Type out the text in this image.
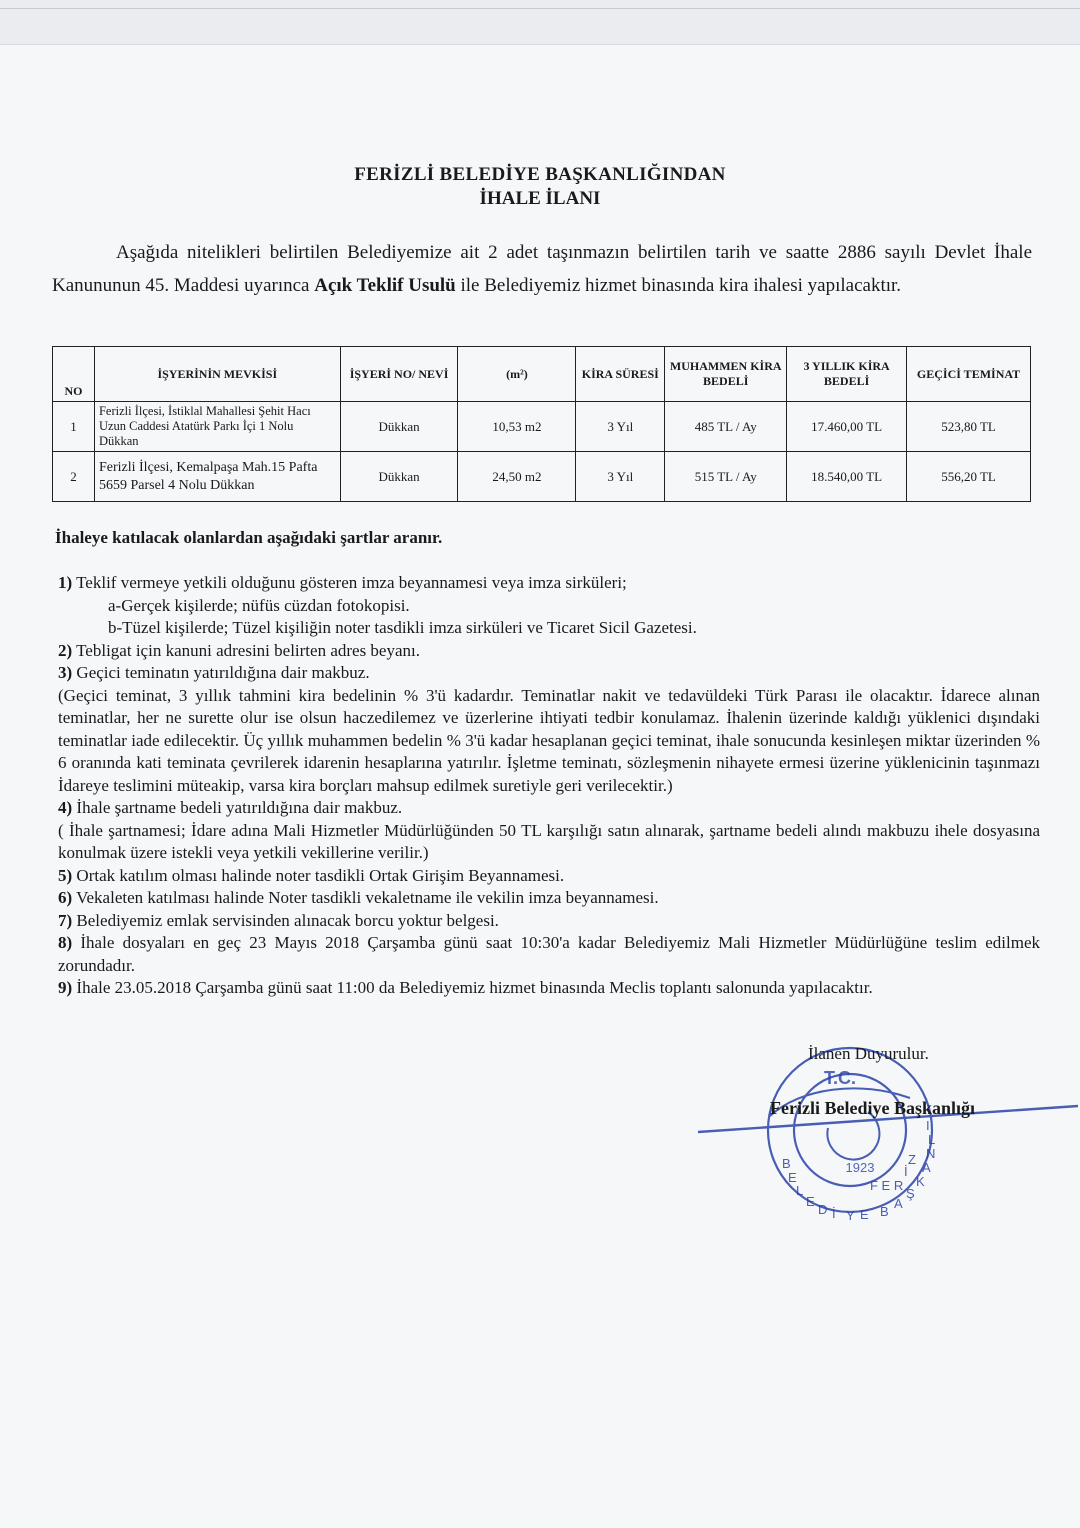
FERİZLİ BELEDİYE BAŞKANLIĞINDAN
İHALE İLANI
Aşağıda nitelikleri belirtilen Belediyemize ait 2 adet taşınmazın belirtilen tarih ve saatte 2886 sayılı Devlet İhale Kanununun 45. Maddesi uyarınca Açık Teklif Usulü ile Belediyemiz hizmet binasında kira ihalesi yapılacaktır.
NO	İŞYERİNİN MEVKİSİ	İŞYERİ NO/ NEVİ	(m²)	KİRA SÜRESİ	MUHAMMEN KİRA BEDELİ	3 YILLIK KİRA BEDELİ	GEÇİCİ TEMİNAT
1	Ferizli İlçesi, İstiklal Mahallesi Şehit Hacı Uzun Caddesi Atatürk Parkı İçi 1 Nolu Dükkan	Dükkan	10,53 m2	3 Yıl	485 TL / Ay	17.460,00 TL	523,80 TL
2	Ferizli İlçesi, Kemalpaşa Mah.15 Pafta 5659 Parsel 4 Nolu Dükkan	Dükkan	24,50 m2	3 Yıl	515 TL / Ay	18.540,00 TL	556,20 TL
İhaleye katılacak olanlardan aşağıdaki şartlar aranır.

1) Teklif vermeye yetkili olduğunu gösteren imza beyannamesi veya imza sirküleri;

a-Gerçek kişilerde; nüfüs cüzdan fotokopisi.

b-Tüzel kişilerde; Tüzel kişiliğin noter tasdikli imza sirküleri ve Ticaret Sicil Gazetesi.

2) Tebligat için kanuni adresini belirten adres beyanı.

3) Geçici teminatın yatırıldığına dair makbuz.

(Geçici teminat, 3 yıllık tahmini kira bedelinin % 3'ü kadardır. Teminatlar nakit ve tedavüldeki Türk Parası ile olacaktır. İdarece alınan teminatlar, her ne surette olur ise olsun haczedilemez ve üzerlerine ihtiyati tedbir konulamaz. İhalenin üzerinde kaldığı yüklenici dışındaki teminatlar iade edilecektir. Üç yıllık muhammen bedelin % 3'ü kadar hesaplanan geçici teminat, ihale sonucunda kesinleşen miktar üzerinden % 6 oranında kati teminata çevrilerek idarenin hesaplarına yatırılır. İşletme teminatı, sözleşmenin nihayete ermesi üzerine yüklenicinin taşınmazı İdareye teslimini müteakip, varsa kira borçları mahsup edilmek suretiyle geri verilecektir.)

4) İhale şartname bedeli yatırıldığına dair makbuz.

( İhale şartnamesi; İdare adına Mali Hizmetler Müdürlüğünden 50 TL karşılığı satın alınarak, şartname bedeli alındı makbuzu ihele dosyasına konulmak üzere istekli veya yetkili vekillerine verilir.)

5) Ortak katılım olması halinde noter tasdikli Ortak Girişim Beyannamesi.

6) Vekaleten katılması halinde Noter tasdikli vekaletname ile vekilin imza beyannamesi.

7) Belediyemiz emlak servisinden alınacak borcu yoktur belgesi.

8) İhale dosyaları en geç 23 Mayıs 2018 Çarşamba günü saat 10:30'a kadar Belediyemiz Mali Hizmetler Müdürlüğüne teslim edilmek zorundadır.

9) İhale 23.05.2018 Çarşamba günü saat 11:00 da Belediyemiz hizmet binasında Meclis toplantı salonunda yapılacaktır.

T.C.
1923
B ELE D İ Y E BAŞK ANLI F E RİZ
İlanen Duyurulur.
Ferizli Belediye Başkanlığı
